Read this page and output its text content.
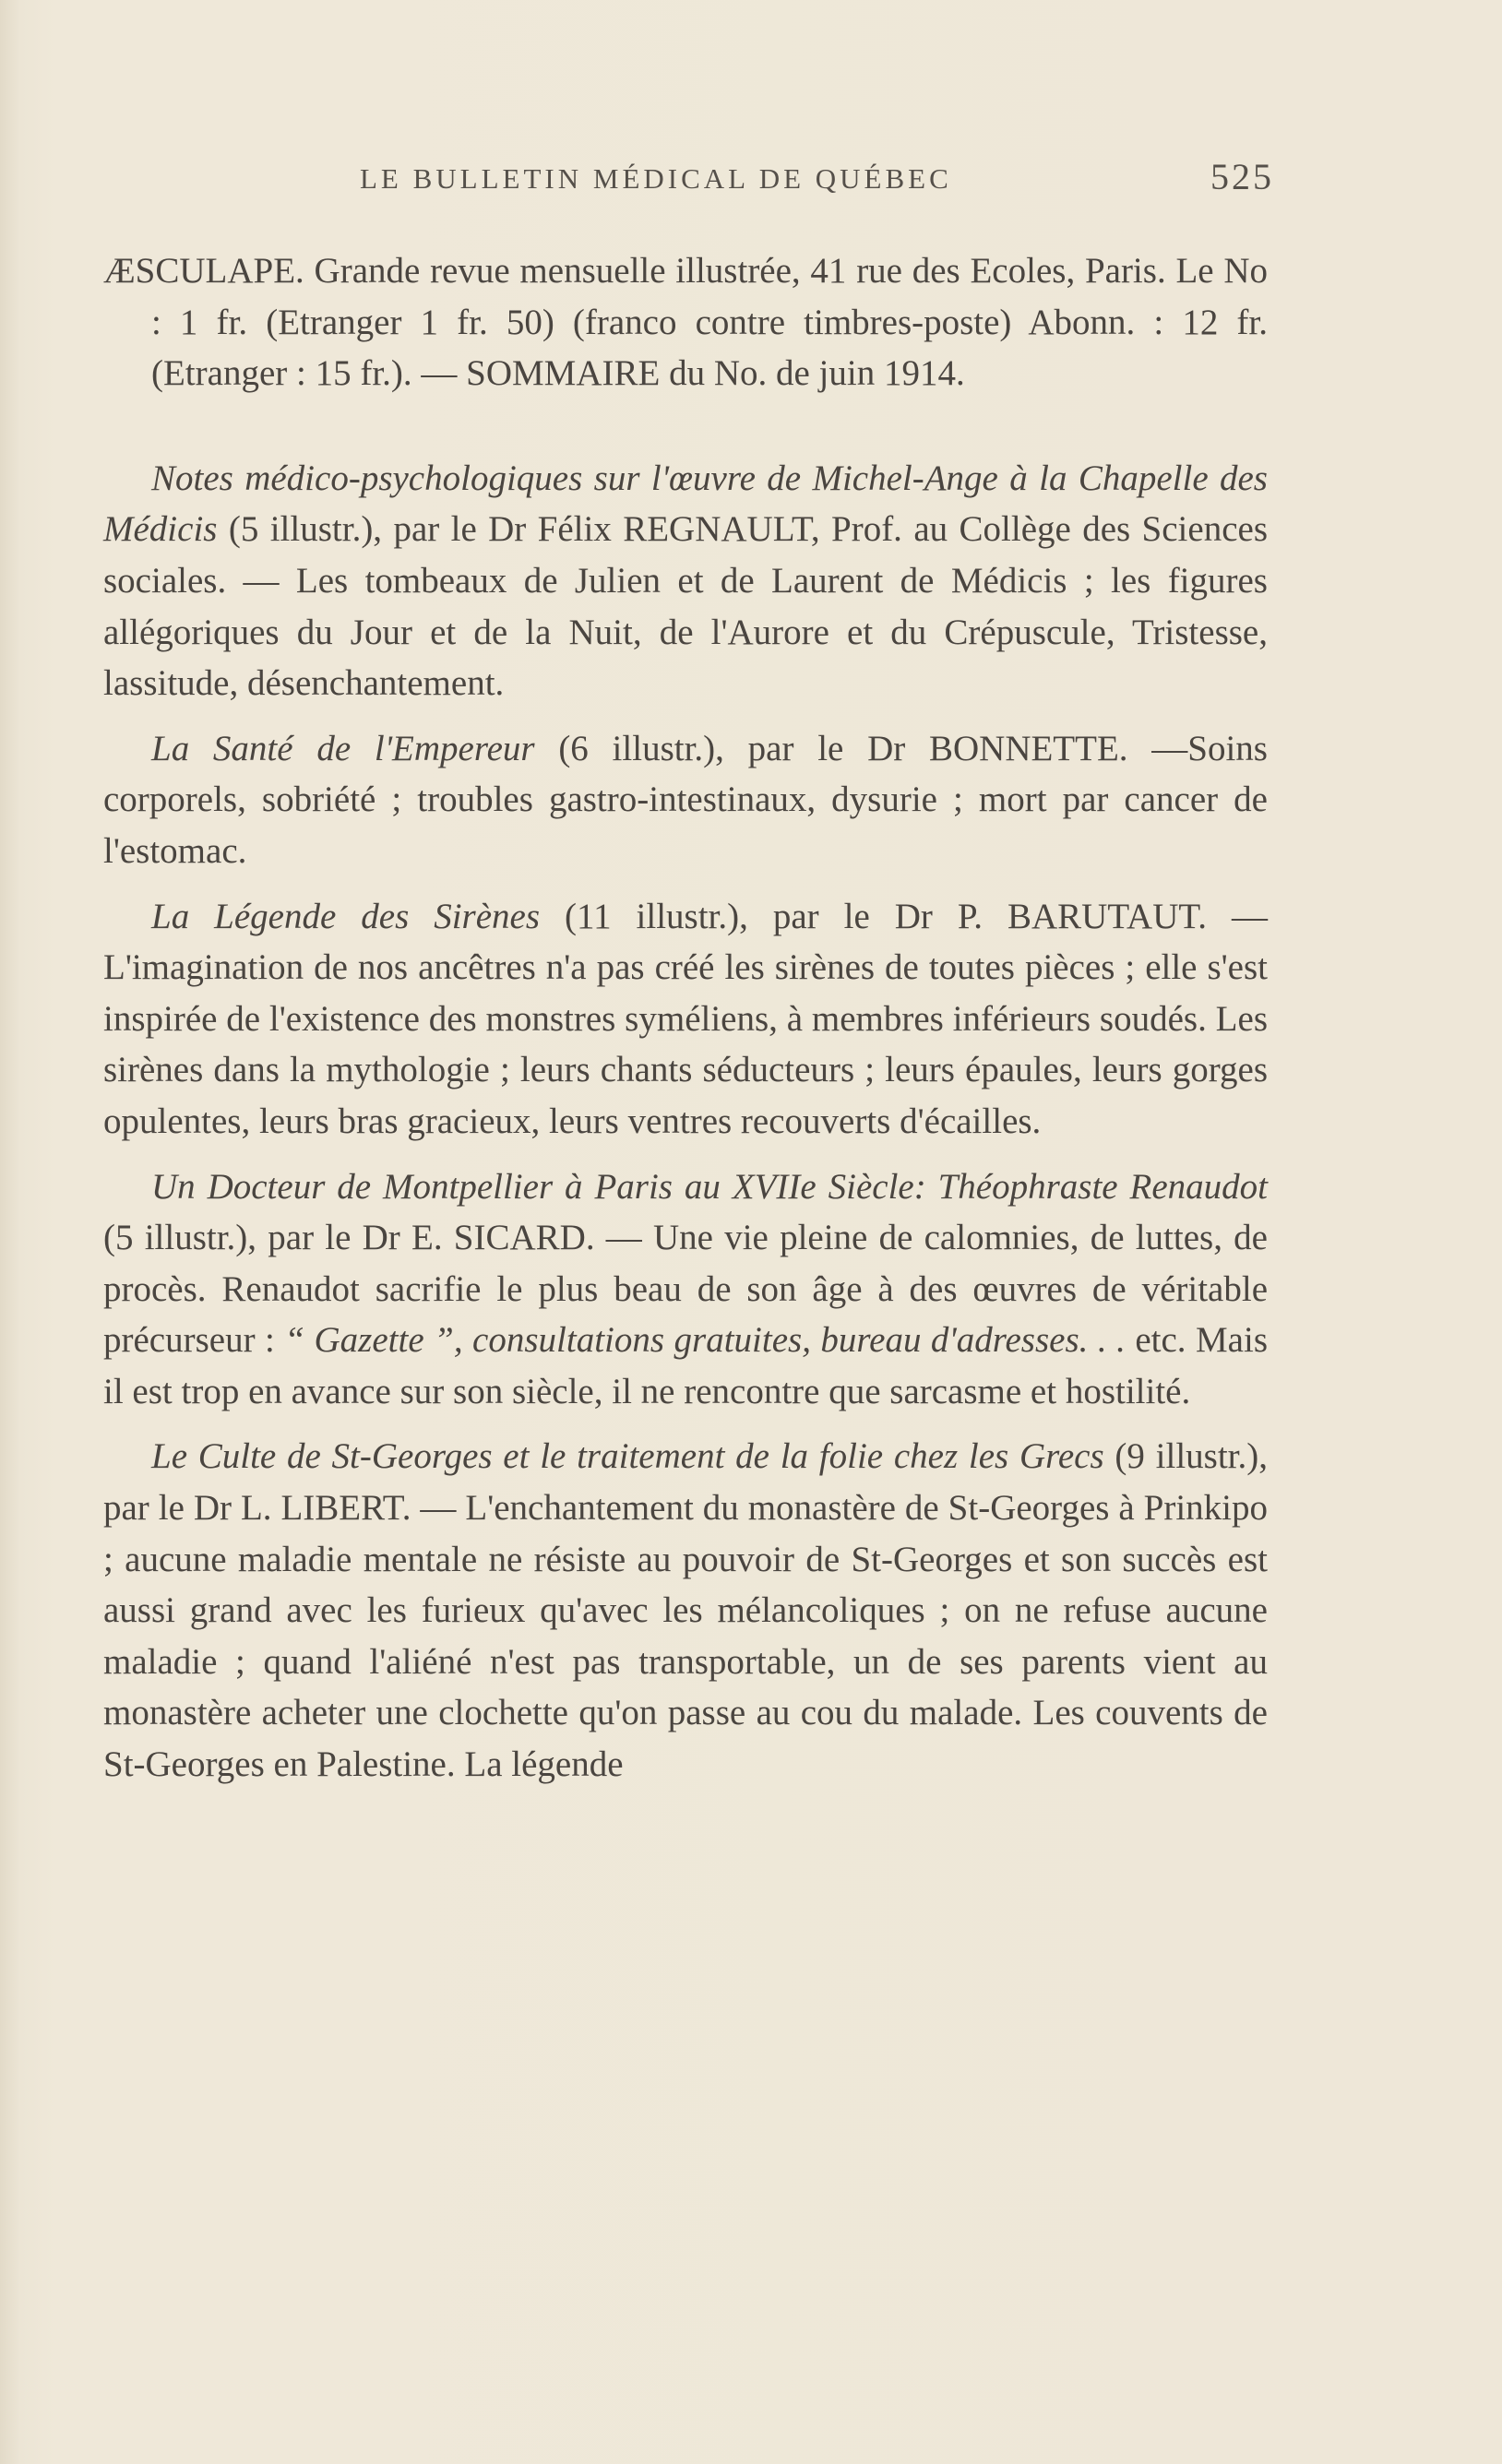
LE BULLETIN MÉDICAL DE QUÉBEC	525

ÆSCULAPE. Grande revue mensuelle illustrée, 41 rue des Ecoles, Paris. Le No : 1 fr. (Etranger 1 fr. 50) (franco contre timbres-poste) Abonn. : 12 fr. (Etranger : 15 fr.). — SOMMAIRE du No. de juin 1914.

Notes médico-psychologiques sur l'œuvre de Michel-Ange à la Chapelle des Médicis (5 illustr.), par le Dr Félix REGNAULT, Prof. au Collège des Sciences sociales. — Les tombeaux de Julien et de Laurent de Médicis ; les figures allégoriques du Jour et de la Nuit, de l'Aurore et du Crépuscule, Tristesse, lassitude, désenchantement.

La Santé de l'Empereur (6 illustr.), par le Dr BONNETTE. —Soins corporels, sobriété ; troubles gastro-intestinaux, dysurie ; mort par cancer de l'estomac.

La Légende des Sirènes (11 illustr.), par le Dr P. BARUTAUT. — L'imagination de nos ancêtres n'a pas créé les sirènes de toutes pièces ; elle s'est inspirée de l'existence des monstres syméliens, à membres inférieurs soudés. Les sirènes dans la mythologie ; leurs chants séducteurs ; leurs épaules, leurs gorges opulentes, leurs bras gracieux, leurs ventres recouverts d'écailles.

Un Docteur de Montpellier à Paris au XVIIe Siècle: Théophraste Renaudot (5 illustr.), par le Dr E. SICARD. — Une vie pleine de calomnies, de luttes, de procès. Renaudot sacrifie le plus beau de son âge à des œuvres de véritable précurseur : “ Gazette ”, consultations gratuites, bureau d'adresses. . . etc. Mais il est trop en avance sur son siècle, il ne rencontre que sarcasme et hostilité.

Le Culte de St-Georges et le traitement de la folie chez les Grecs (9 illustr.), par le Dr L. LIBERT. — L'enchantement du monastère de St-Georges à Prinkipo ; aucune maladie mentale ne résiste au pouvoir de St-Georges et son succès est aussi grand avec les furieux qu'avec les mélancoliques ; on ne refuse aucune maladie ; quand l'aliéné n'est pas transportable, un de ses parents vient au monastère acheter une clochette qu'on passe au cou du malade. Les couvents de St-Georges en Palestine. La légende
